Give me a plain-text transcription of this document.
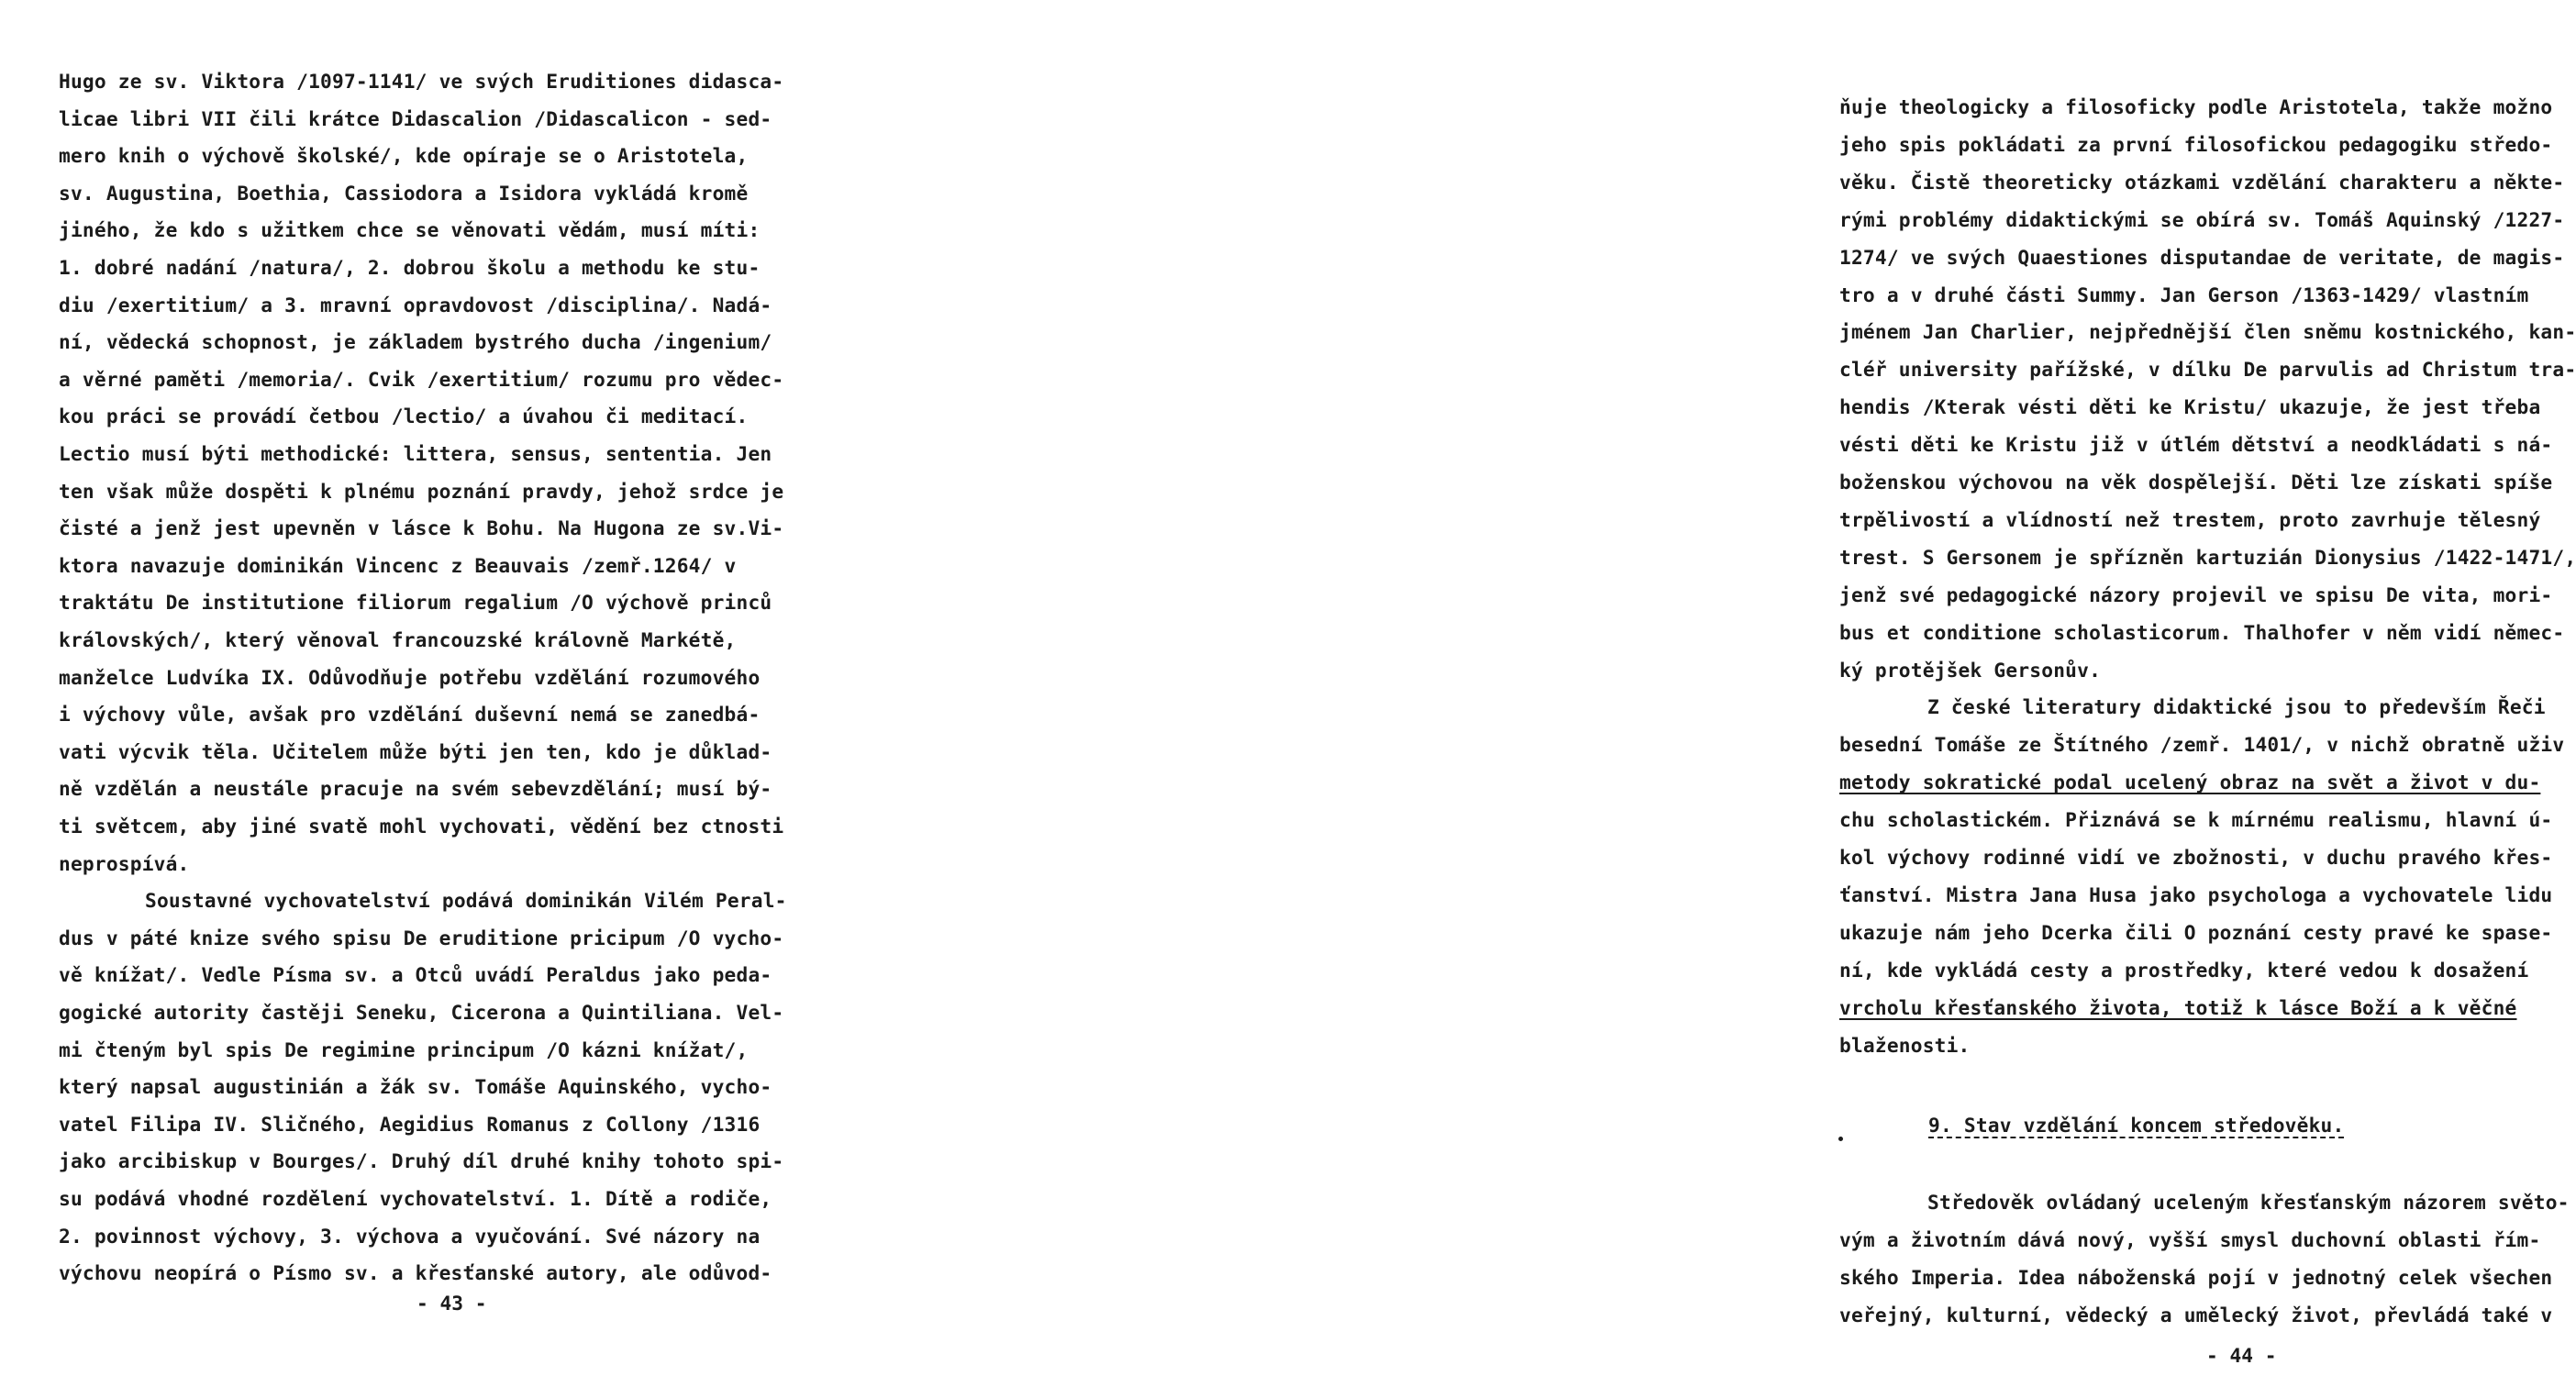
Hugo ze sv. Viktora /1097-1141/ ve svých Eruditiones didasca-
licae libri VII čili krátce Didascalion /Didascalicon - sed-
mero knih o výchově školské/, kde opíraje se o Aristotela,
sv. Augustina, Boethia, Cassiodora a Isidora vykládá kromě
jiného, že kdo s užitkem chce se věnovati vědám, musí míti:
1. dobré nadání /natura/, 2. dobrou školu a methodu ke stu-
diu /exertitium/ a 3. mravní opravdovost /disciplina/. Nadá-
ní, vědecká schopnost, je základem bystrého ducha /ingenium/
a věrné paměti /memoria/. Cvik /exertitium/ rozumu pro vědec-
kou práci se provádí četbou /lectio/ a úvahou či meditací.
Lectio musí býti methodické: littera, sensus, sententia. Jen
ten však může dospěti k plnému poznání pravdy, jehož srdce je
čisté a jenž jest upevněn v lásce k Bohu. Na Hugona ze sv.Vi-
ktora navazuje dominikán Vincenc z Beauvais /zemř.1264/ v
traktátu De institutione filiorum regalium /O výchově princů
královských/, který věnoval francouzské královně Markétě,
manželce Ludvíka IX. Odůvodňuje potřebu vzdělání rozumového
i výchovy vůle, avšak pro vzdělání duševní nemá se zanedbá-
vati výcvik těla. Učitelem může býti jen ten, kdo je důklad-
ně vzdělán a neustále pracuje na svém sebevzdělání; musí bý-
ti světcem, aby jiné svatě mohl vychovati, vědění bez ctnosti
neprospívá.
Soustavné vychovatelství podává dominikán Vilém Peral-
dus v páté knize svého spisu De eruditione pricipum /O vycho-
vě knížat/. Vedle Písma sv. a Otců uvádí Peraldus jako peda-
gogické autority častěji Seneku, Cicerona a Quintiliana. Vel-
mi čteným byl spis De regimine principum /O kázni knížat/,
který napsal augustinián a žák sv. Tomáše Aquinského, vycho-
vatel Filipa IV. Sličného, Aegidius Romanus z Collony /1316
jako arcibiskup v Bourges/. Druhý díl druhé knihy tohoto spi-
su podává vhodné rozdělení vychovatelství. 1. Dítě a rodiče,
2. povinnost výchovy, 3. výchova a vyučování. Své názory na
výchovu neopírá o Písmo sv. a křesťanské autory, ale odůvod-
- 43 -
ňuje theologicky a filosoficky podle Aristotela, takže možno
jeho spis pokládati za první filosofickou pedagogiku středo-
věku. Čistě theoreticky otázkami vzdělání charakteru a někte-
rými problémy didaktickými se obírá sv. Tomáš Aquinský /1227-
1274/ ve svých Quaestiones disputandae de veritate, de magis-
tro a v druhé části Summy. Jan Gerson /1363-1429/ vlastním
jménem Jan Charlier, nejpřednější člen sněmu kostnického, kan-
cléř university pařížské, v dílku De parvulis ad Christum tra-
hendis /Kterak vésti děti ke Kristu/ ukazuje, že jest třeba
vésti děti ke Kristu již v útlém dětství a neodkládati s ná-
boženskou výchovou na věk dospělejší. Děti lze získati spíše
trpělivostí a vlídností než trestem, proto zavrhuje tělesný
trest. S Gersonem je spřízněn kartuzián Dionysius /1422-1471/,
jenž své pedagogické názory projevil ve spisu De vita, mori-
bus et conditione scholasticorum. Thalhofer v něm vidí němec-
ký protějšek Gersonův.
Z české literatury didaktické jsou to především Řeči
besední Tomáše ze Štítného /zemř. 1401/, v nichž obratně uživ
metody sokratické podal ucelený obraz na svět a život v du-
chu scholastickém. Přiznává se k mírnému realismu, hlavní ú-
kol výchovy rodinné vidí ve zbožnosti, v duchu pravého křes-
ťanství. Mistra Jana Husa jako psychologa a vychovatele lidu
ukazuje nám jeho Dcerka čili O poznání cesty pravé ke spase-
ní, kde vykládá cesty a prostředky, které vedou k dosažení
vrcholu křesťanského života, totiž k lásce Boží a k věčné
blaženosti.
9. Stav vzdělání koncem středověku.
Středověk ovládaný uceleným křesťanským názorem světo-
vým a životním dává nový, vyšší smysl duchovní oblasti řím-
ského Imperia. Idea náboženská pojí v jednotný celek všechen
veřejný, kulturní, vědecký a umělecký život, převládá také v
- 44 -
